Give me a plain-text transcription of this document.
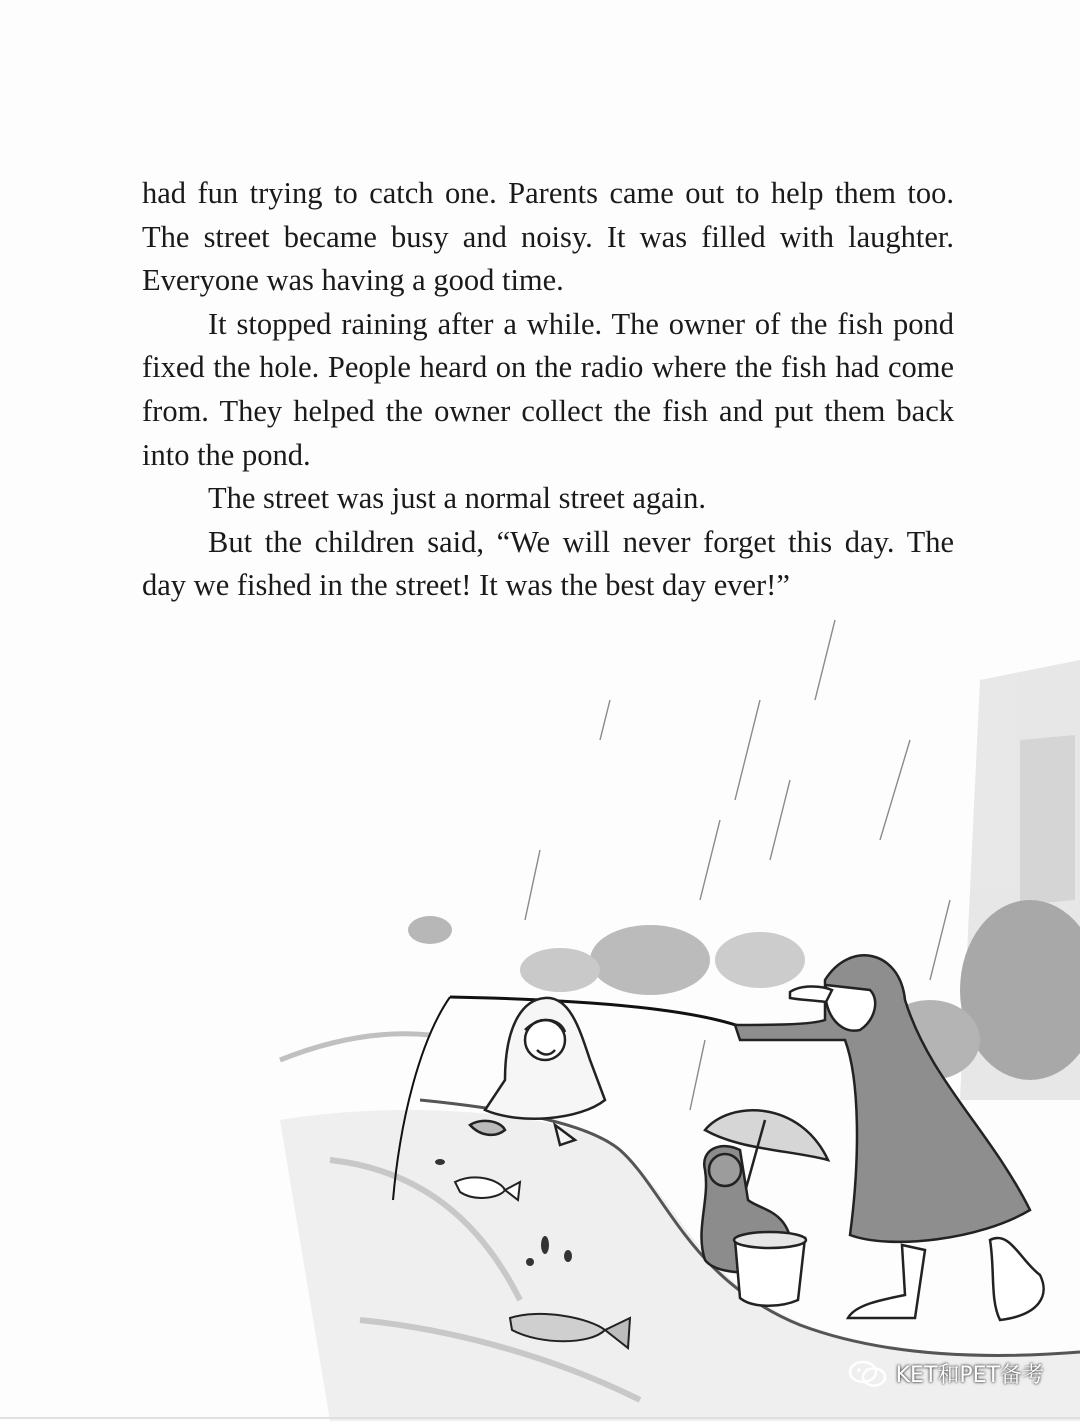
had fun trying to catch one. Parents came out to help them too. The street became busy and noisy. It was filled with laughter. Everyone was having a good time.

It stopped raining after a while. The owner of the fish pond fixed the hole. People heard on the radio where the fish had come from. They helped the owner collect the fish and put them back into the pond.

The street was just a normal street again.

But the children said, “We will never forget this day. The day we fished in the street! It was the best day ever!”

KET和PET备考
